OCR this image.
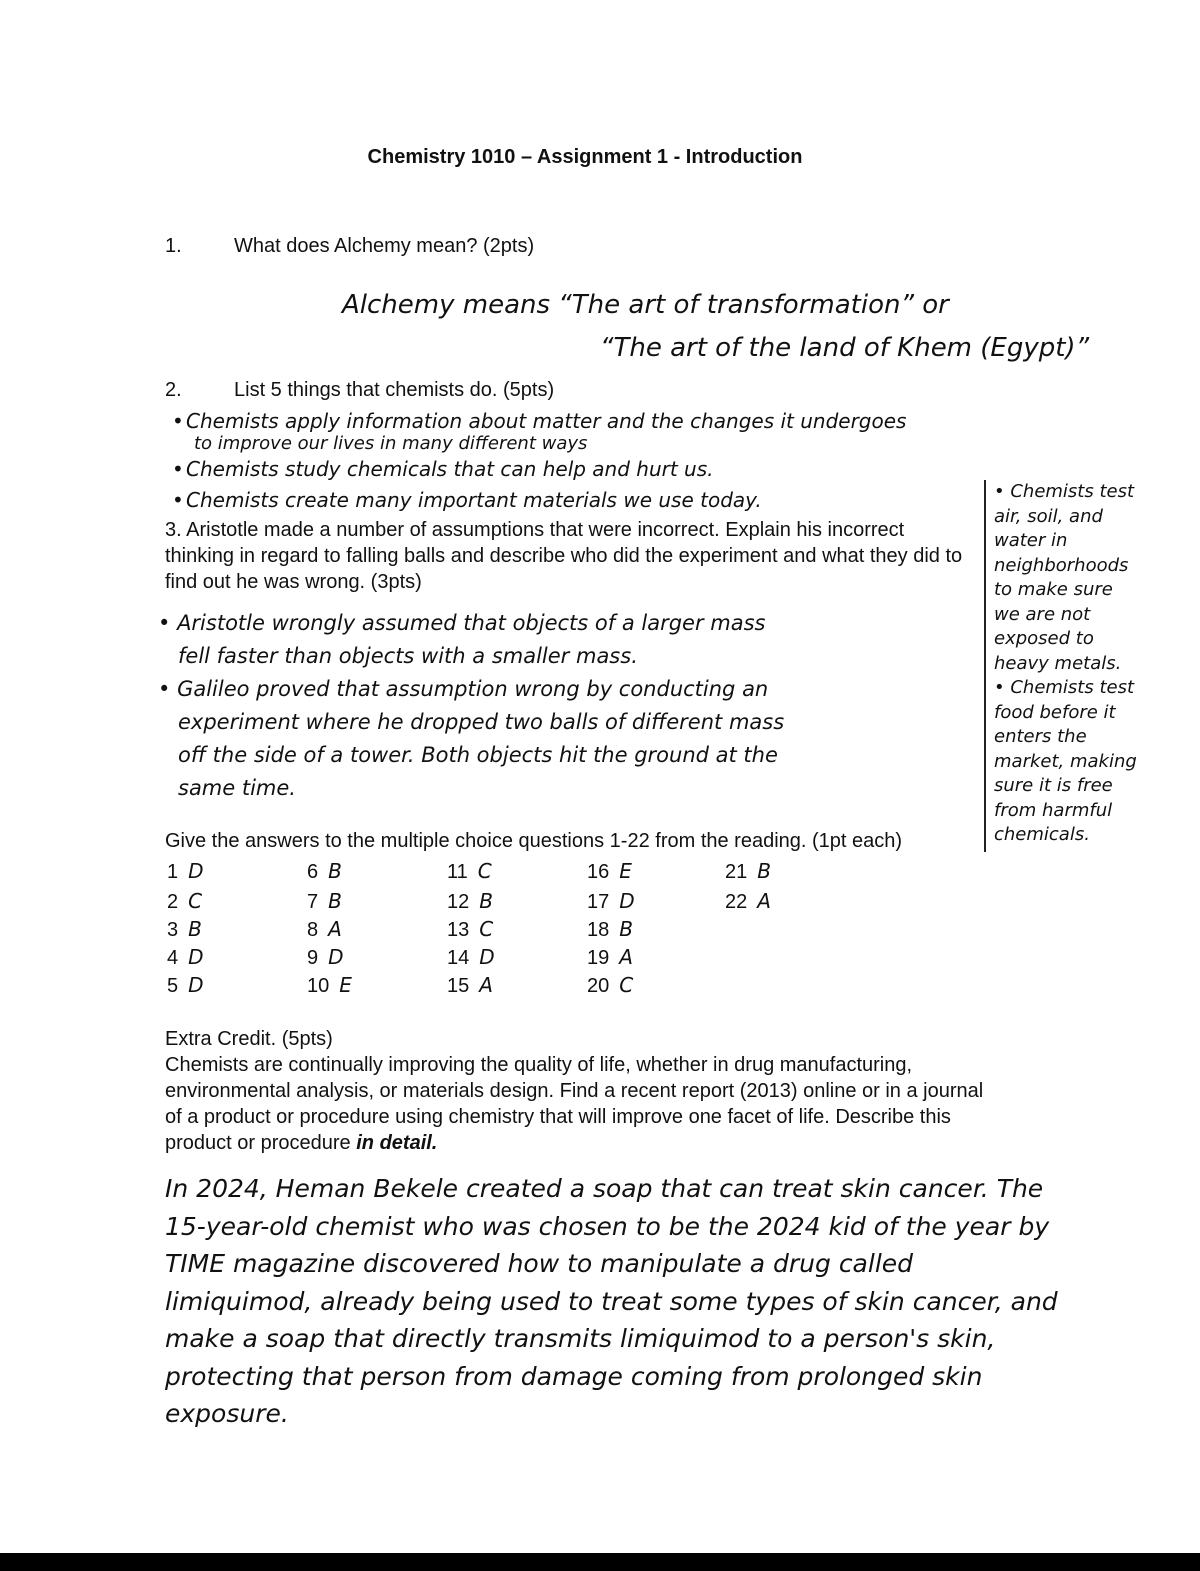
Chemistry 1010 – Assignment 1 - Introduction
1.	What does Alchemy mean? (2pts)
Alchemy means “The art of transformation” or
“The art of the land of Khem (Egypt)”
2.	List 5 things that chemists do. (5pts)
• Chemists apply information about matter and the changes it undergoes
to improve our lives in many different ways
• Chemists study chemicals that can help and hurt us.
• Chemists create many important materials we use today.	• Chemists test
air, soil, and
water in
neighborhoods
to make sure
we are not
exposed to
heavy metals.
• Chemists test
food before it
enters the
market, making
sure it is free
from harmful
chemicals.
3. Aristotle made a number of assumptions that were incorrect. Explain his incorrect thinking in regard to falling balls and describe who did the experiment and what they did to find out he was wrong. (3pts)
• Aristotle wrongly assumed that objects of a larger mass
fell faster than objects with a smaller mass.
• Galileo proved that assumption wrong by conducting an
experiment where he dropped two balls of different mass
off the side of a tower. Both objects hit the ground at the
same time.
Give the answers to the multiple choice questions 1-22 from the reading. (1pt each)
1 D
2 C
3 B
4 D
5 D
6 B
7 B
8 A
9 D
10 E
11 C
12 B
13 C
14 D
15 A
16 E
17 D
18 B
19 A
20 C
21 B
22 A
Extra Credit. (5pts)
Chemists are continually improving the quality of life, whether in drug manufacturing, environmental analysis, or materials design. Find a recent report (2013) online or in a journal of a product or procedure using chemistry that will improve one facet of life. Describe this product or procedure in detail.
In 2024, Heman Bekele created a soap that can treat skin cancer. The 15-year-old chemist who was chosen to be the 2024 kid of the year by TIME magazine discovered how to manipulate a drug called limiquimod, already being used to treat some types of skin cancer, and make a soap that directly transmits limiquimod to a person's skin, protecting that person from damage coming from prolonged skin exposure.
